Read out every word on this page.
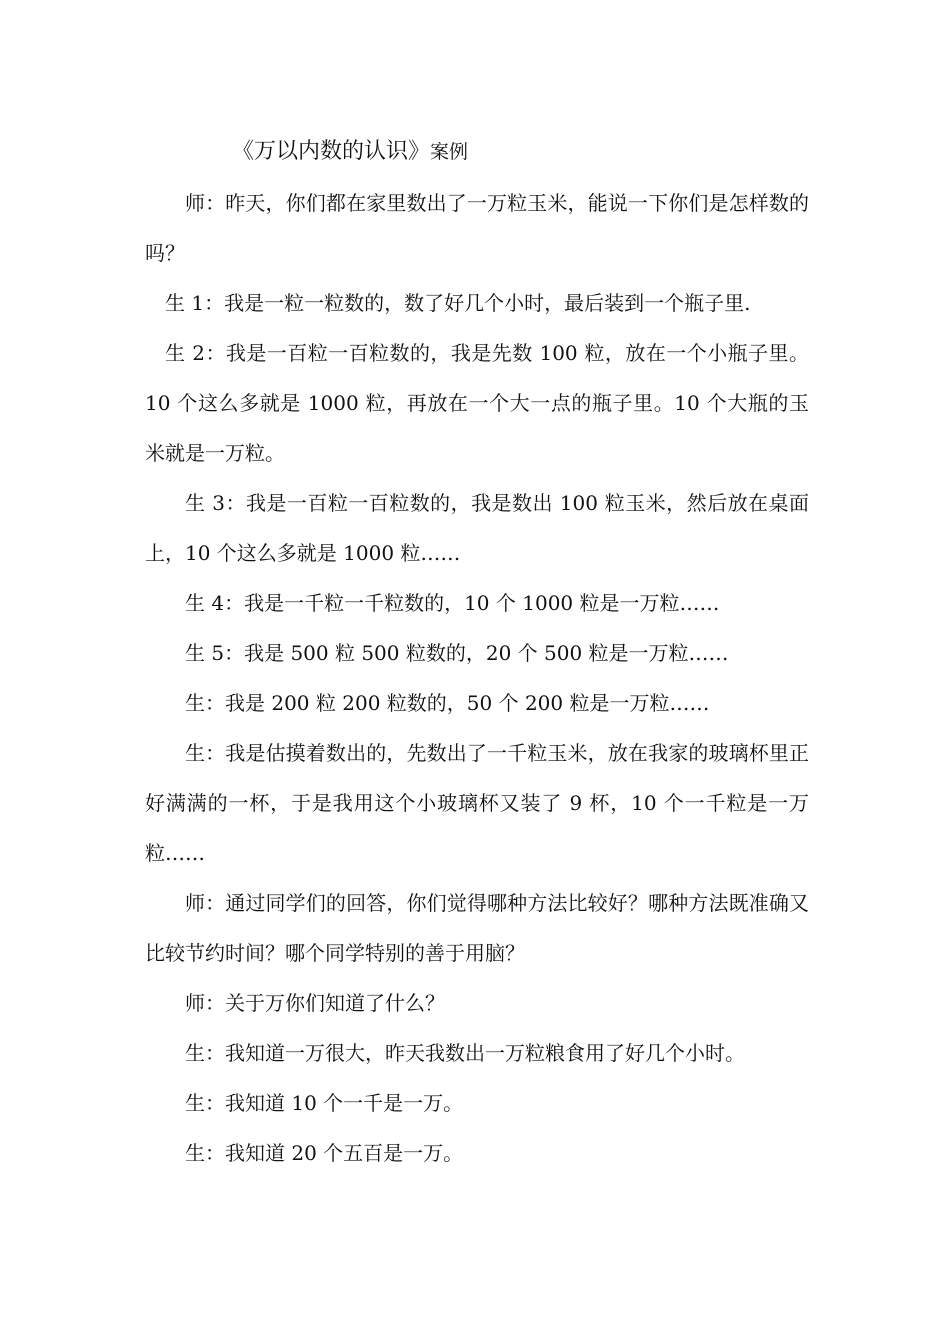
《万以内数的认识》案例

师：昨天，你们都在家里数出了一万粒玉米，能说一下你们是怎样数的吗？

生 1：我是一粒一粒数的，数了好几个小时，最后装到一个瓶子里.

生 2：我是一百粒一百粒数的，我是先数 100 粒，放在一个小瓶子里。10 个这么多就是 1000 粒，再放在一个大一点的瓶子里。10 个大瓶的玉米就是一万粒。

生 3：我是一百粒一百粒数的，我是数出 100 粒玉米，然后放在桌面上，10 个这么多就是 1000 粒……

生 4：我是一千粒一千粒数的，10 个 1000 粒是一万粒……

生 5：我是 500 粒 500 粒数的，20 个 500 粒是一万粒……

生：我是 200 粒 200 粒数的，50 个 200 粒是一万粒……

生：我是估摸着数出的，先数出了一千粒玉米，放在我家的玻璃杯里正好满满的一杯，于是我用这个小玻璃杯又装了 9 杯，10 个一千粒是一万粒……

师：通过同学们的回答，你们觉得哪种方法比较好？哪种方法既准确又比较节约时间？哪个同学特别的善于用脑？

师：关于万你们知道了什么？

生：我知道一万很大，昨天我数出一万粒粮食用了好几个小时。

生：我知道 10 个一千是一万。

生：我知道 20 个五百是一万。
